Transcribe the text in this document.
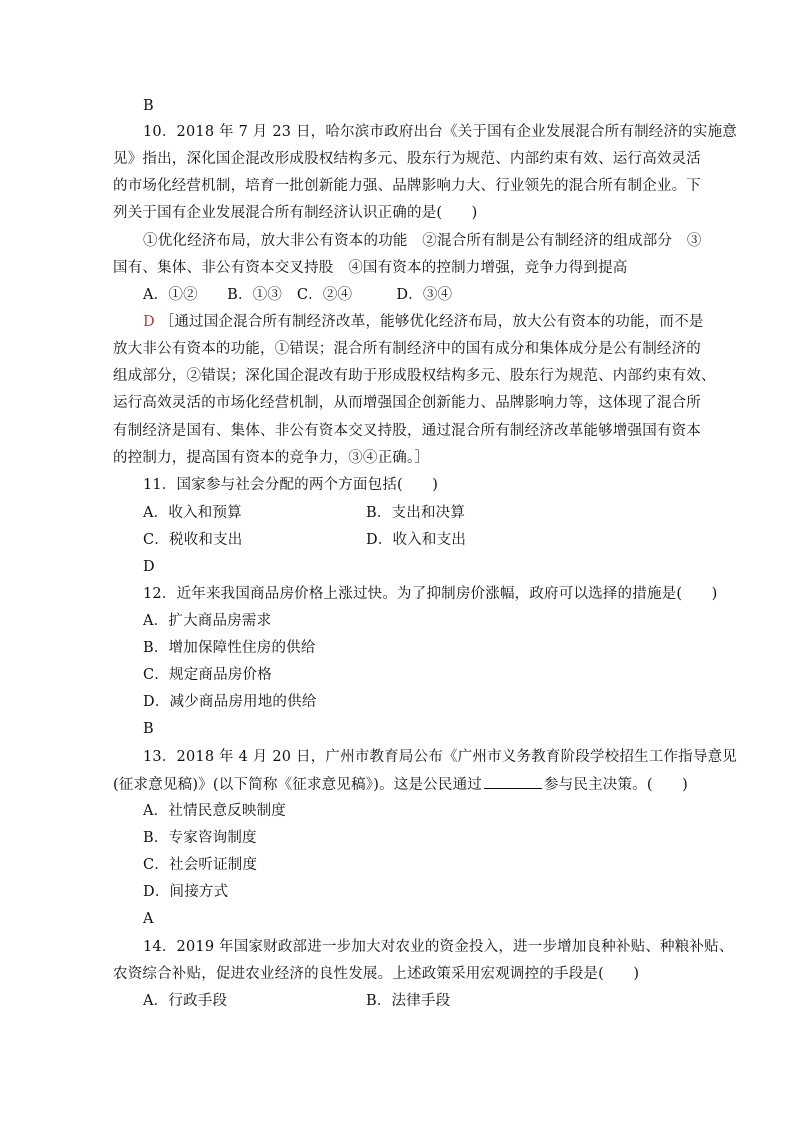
B
10．2018 年 7 月 23 日，哈尔滨市政府出台《关于国有企业发展混合所有制经济的实施意
见》指出，深化国企混改形成股权结构多元、股东行为规范、内部约束有效、运行高效灵活
的市场化经营机制，培育一批创新能力强、品牌影响力大、行业领先的混合所有制企业。下
列关于国有企业发展混合所有制经济认识正确的是(　　)
①优化经济布局，放大非公有资本的功能　②混合所有制是公有制经济的组成部分　③
国有、集体、非公有资本交叉持股　④国有资本的控制力增强，竞争力得到提高
A．①②　　B．①③　C．②④　　　D．③④
D ［通过国企混合所有制经济改革，能够优化经济布局，放大公有资本的功能，而不是
放大非公有资本的功能，①错误；混合所有制经济中的国有成分和集体成分是公有制经济的
组成部分，②错误；深化国企混改有助于形成股权结构多元、股东行为规范、内部约束有效、
运行高效灵活的市场化经营机制，从而增强国企创新能力、品牌影响力等，这体现了混合所
有制经济是国有、集体、非公有资本交叉持股，通过混合所有制经济改革能够增强国有资本
的控制力，提高国有资本的竞争力，③④正确。］
11．国家参与社会分配的两个方面包括(　　)
A．收入和预算	B．支出和决算
C．税收和支出	D．收入和支出
D
12．近年来我国商品房价格上涨过快。为了抑制房价涨幅，政府可以选择的措施是(　　)
A．扩大商品房需求
B．增加保障性住房的供给
C．规定商品房价格
D．减少商品房用地的供给
B
13．2018 年 4 月 20 日，广州市教育局公布《广州市义务教育阶段学校招生工作指导意见
(征求意见稿)》(以下简称《征求意见稿》)。这是公民通过	参与民主决策。(　　)
A．社情民意反映制度
B．专家咨询制度
C．社会听证制度
D．间接方式
A
14．2019 年国家财政部进一步加大对农业的资金投入，进一步增加良种补贴、种粮补贴、
农资综合补贴，促进农业经济的良性发展。上述政策采用宏观调控的手段是(　　)
A．行政手段	B．法律手段
